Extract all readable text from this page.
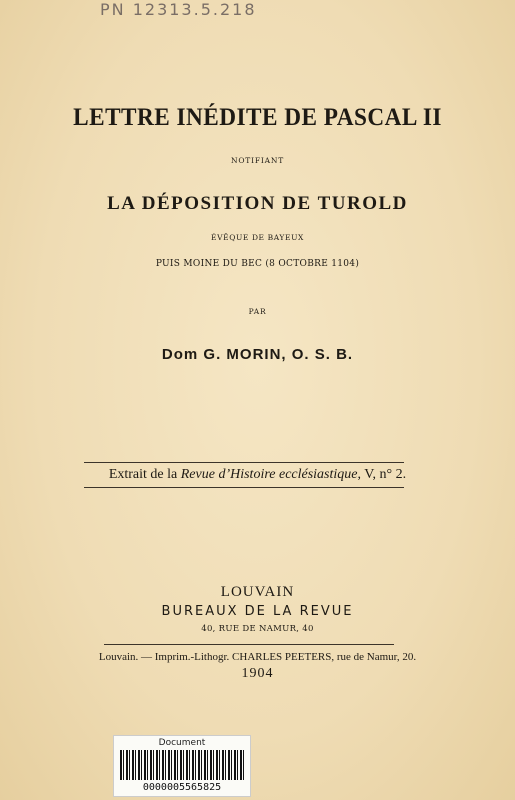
PN 12313.5.218
LETTRE INÉDITE DE PASCAL II
NOTIFIANT
LA DÉPOSITION DE TUROLD
ÉVÊQUE DE BAYEUX
PUIS MOINE DU BEC (8 OCTOBRE 1104)
PAR
Dom G. MORIN, O. S. B.
Extrait de la Revue d’Histoire ecclésiastique, V, n° 2.
LOUVAIN
BUREAUX DE LA REVUE
40, RUE DE NAMUR, 40
Louvain. — Imprim.-Lithogr. CHARLES PEETERS, rue de Namur, 20.
1904
Document
0000005565825
